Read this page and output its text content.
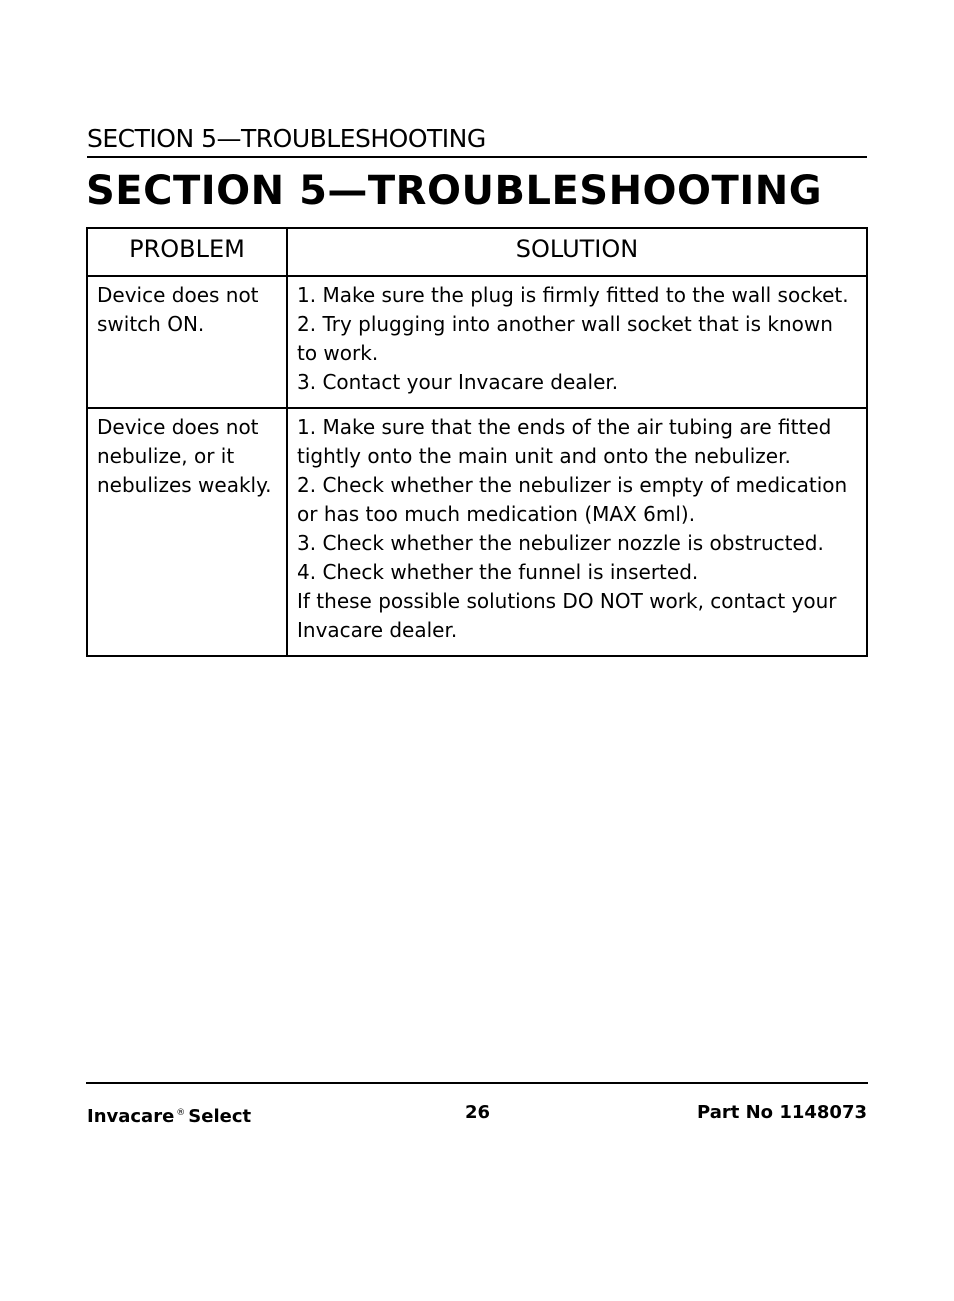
SECTION 5—TROUBLESHOOTING
SECTION 5—TROUBLESHOOTING
PROBLEM	SOLUTION
Device does not switch ON.	1. Make sure the plug is firmly fitted to the wall socket.
2. Try plugging into another wall socket that is known to work.
3. Contact your Invacare dealer.

Device does not nebulize, or it nebulizes weakly.	1. Make sure that the ends of the air tubing are fitted tightly onto the main unit and onto the nebulizer.
2. Check whether the nebulizer is empty of medication or has too much medication (MAX 6ml).
3. Check whether the nebulizer nozzle is obstructed.
4. Check whether the funnel is inserted.
If these possible solutions DO NOT work, contact your Invacare dealer.
Invacare ® Select	26	Part No 1148073
